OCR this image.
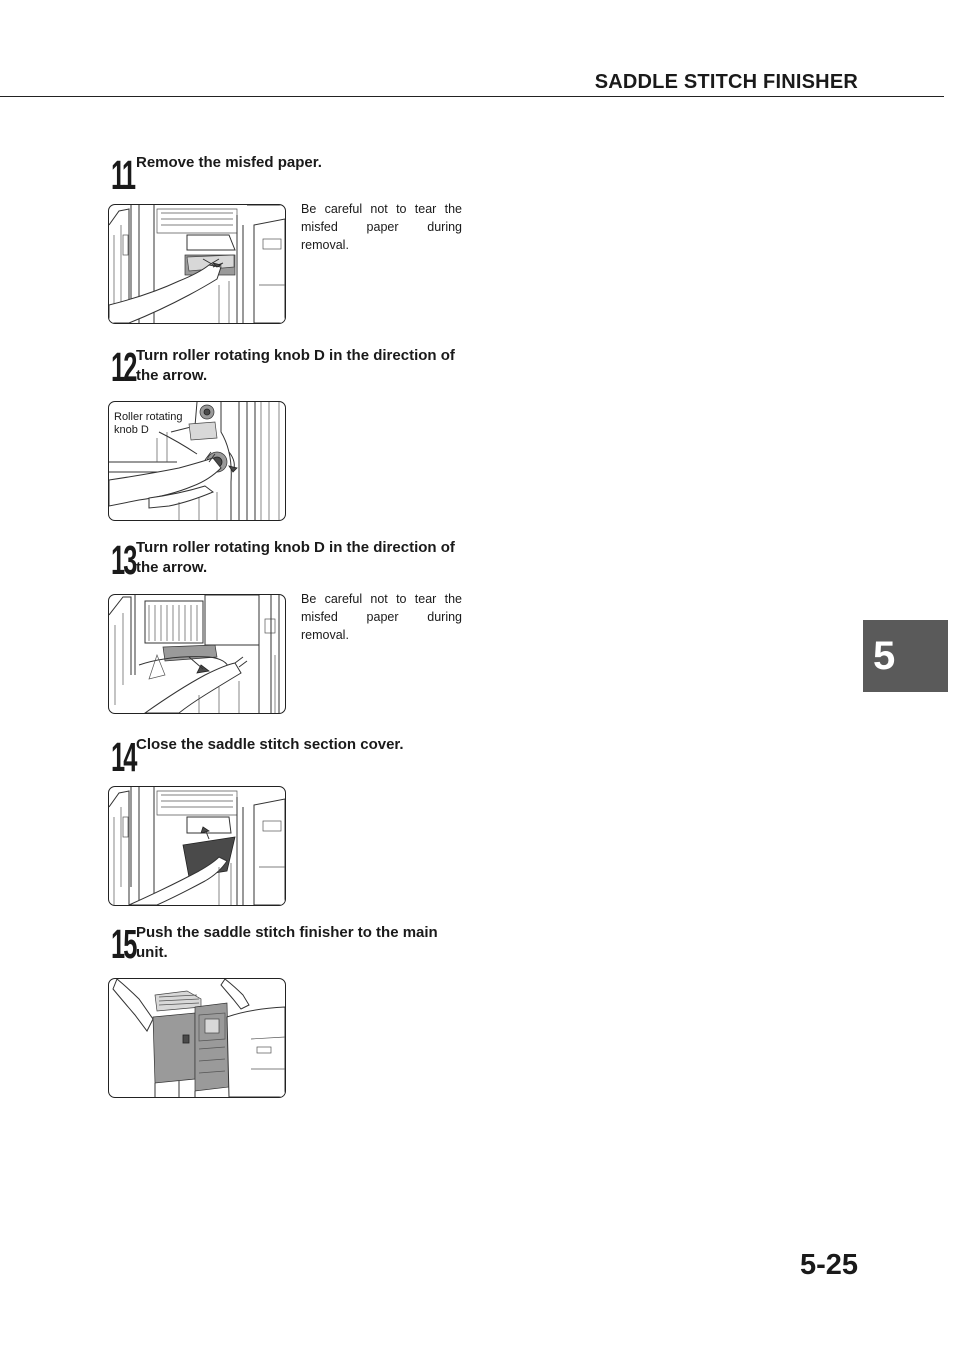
SADDLE STITCH FINISHER
11 Remove the misfed paper.
Be careful not to tear the misfed paper during removal.
12 Turn roller rotating knob D in the direction of the arrow.
Roller rotating knob D
13 Turn roller rotating knob D in the direction of the arrow.
Be careful not to tear the misfed paper during removal.
14 Close the saddle stitch section cover.
15 Push the saddle stitch finisher to the main unit.
5
5-25
